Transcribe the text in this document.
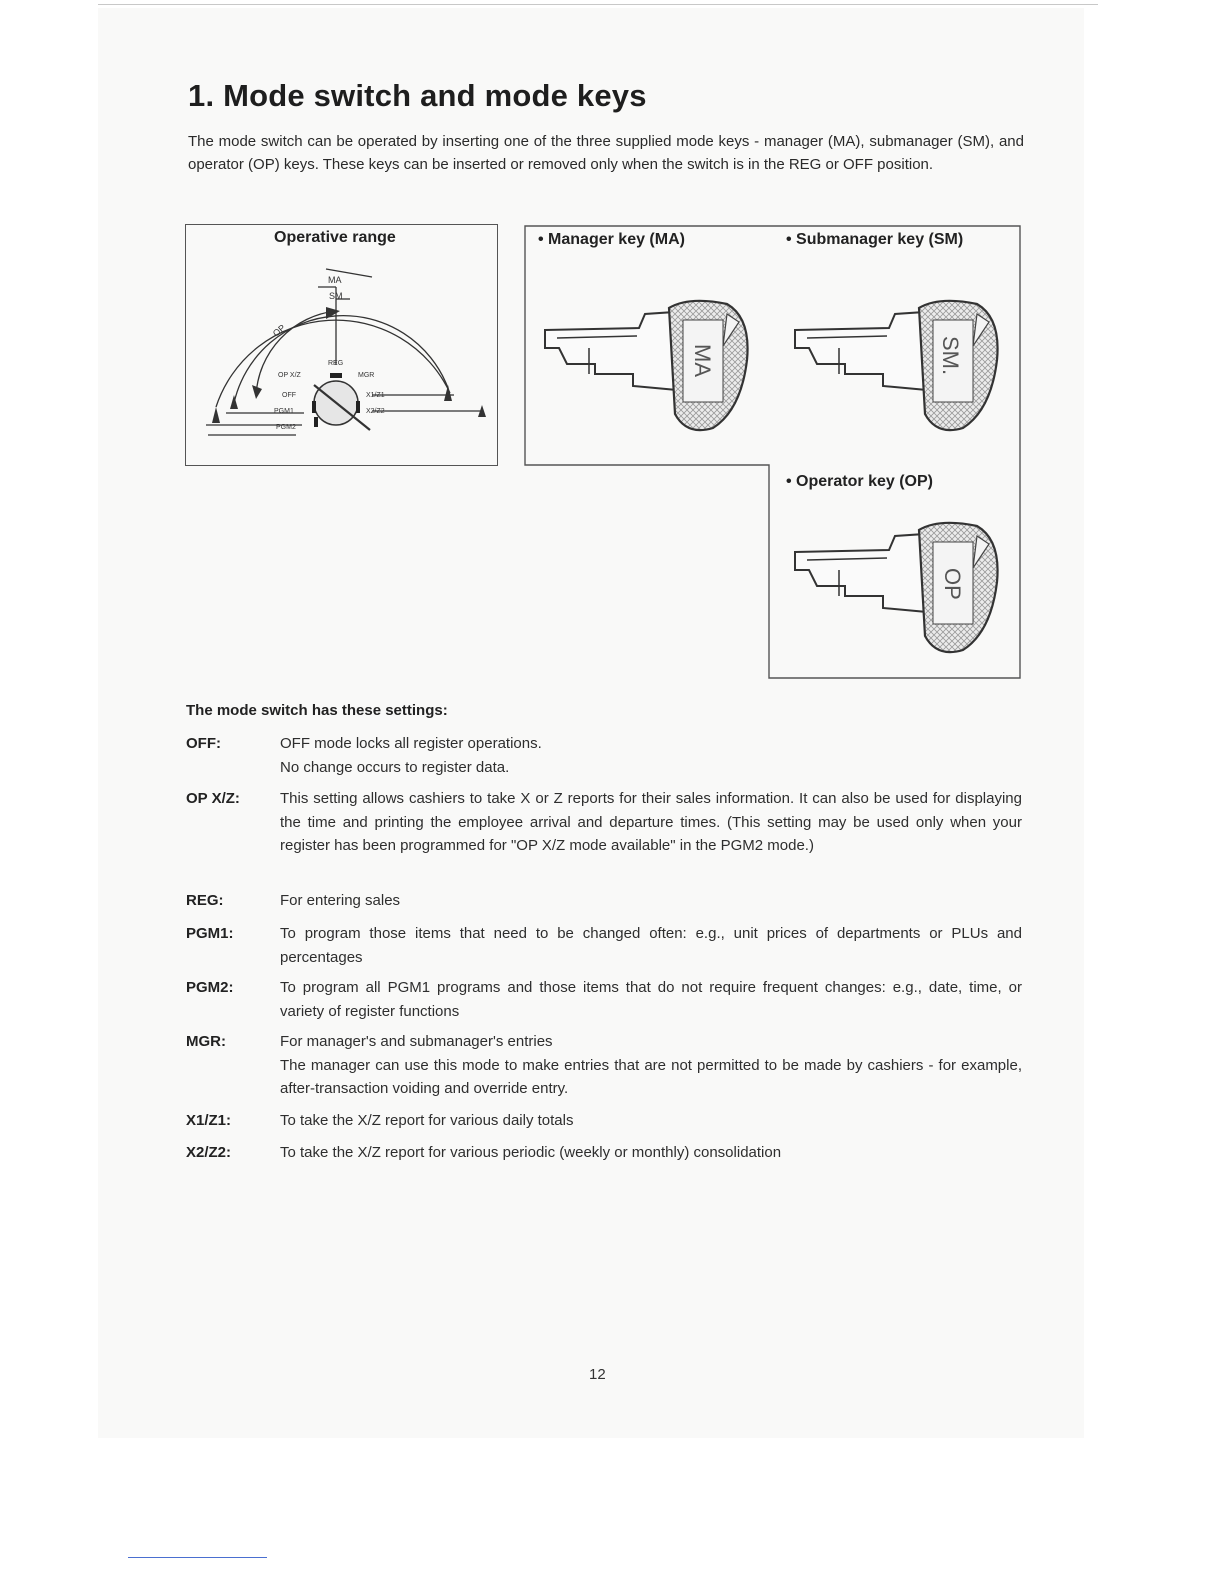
1. Mode switch and mode keys
The mode switch can be operated by inserting one of the three supplied mode keys - manager (MA), submanager (SM), and operator (OP) keys. These keys can be inserted or removed only when the switch is in the REG or OFF position.
Operative range
MA
SM
OP
REG
OP X/Z	MGR
OFF	X1/Z1
PGM1	X2/Z2
PGM2
• Manager key (MA)	• Submanager key (SM)
• Operator key (OP)
MA	SM.
OP
The mode switch has these settings:
OFF:	OFF mode locks all register operations.
No change occurs to register data.
OP X/Z:	This setting allows cashiers to take X or Z reports for their sales information. It can also be used for displaying the time and printing the employee arrival and departure times. (This setting may be used only when your register has been programmed for "OP X/Z mode available" in the PGM2 mode.)
REG:	For entering sales
PGM1:	To program those items that need to be changed often: e.g., unit prices of departments or PLUs and percentages
PGM2:	To program all PGM1 programs and those items that do not require frequent changes: e.g., date, time, or variety of register functions
MGR:	For manager's and submanager's entries
The manager can use this mode to make entries that are not permitted to be made by cashiers - for example, after-transaction voiding and override entry.
X1/Z1:	To take the X/Z report for various daily totals
X2/Z2:	To take the X/Z report for various periodic (weekly or monthly) consolidation
12
